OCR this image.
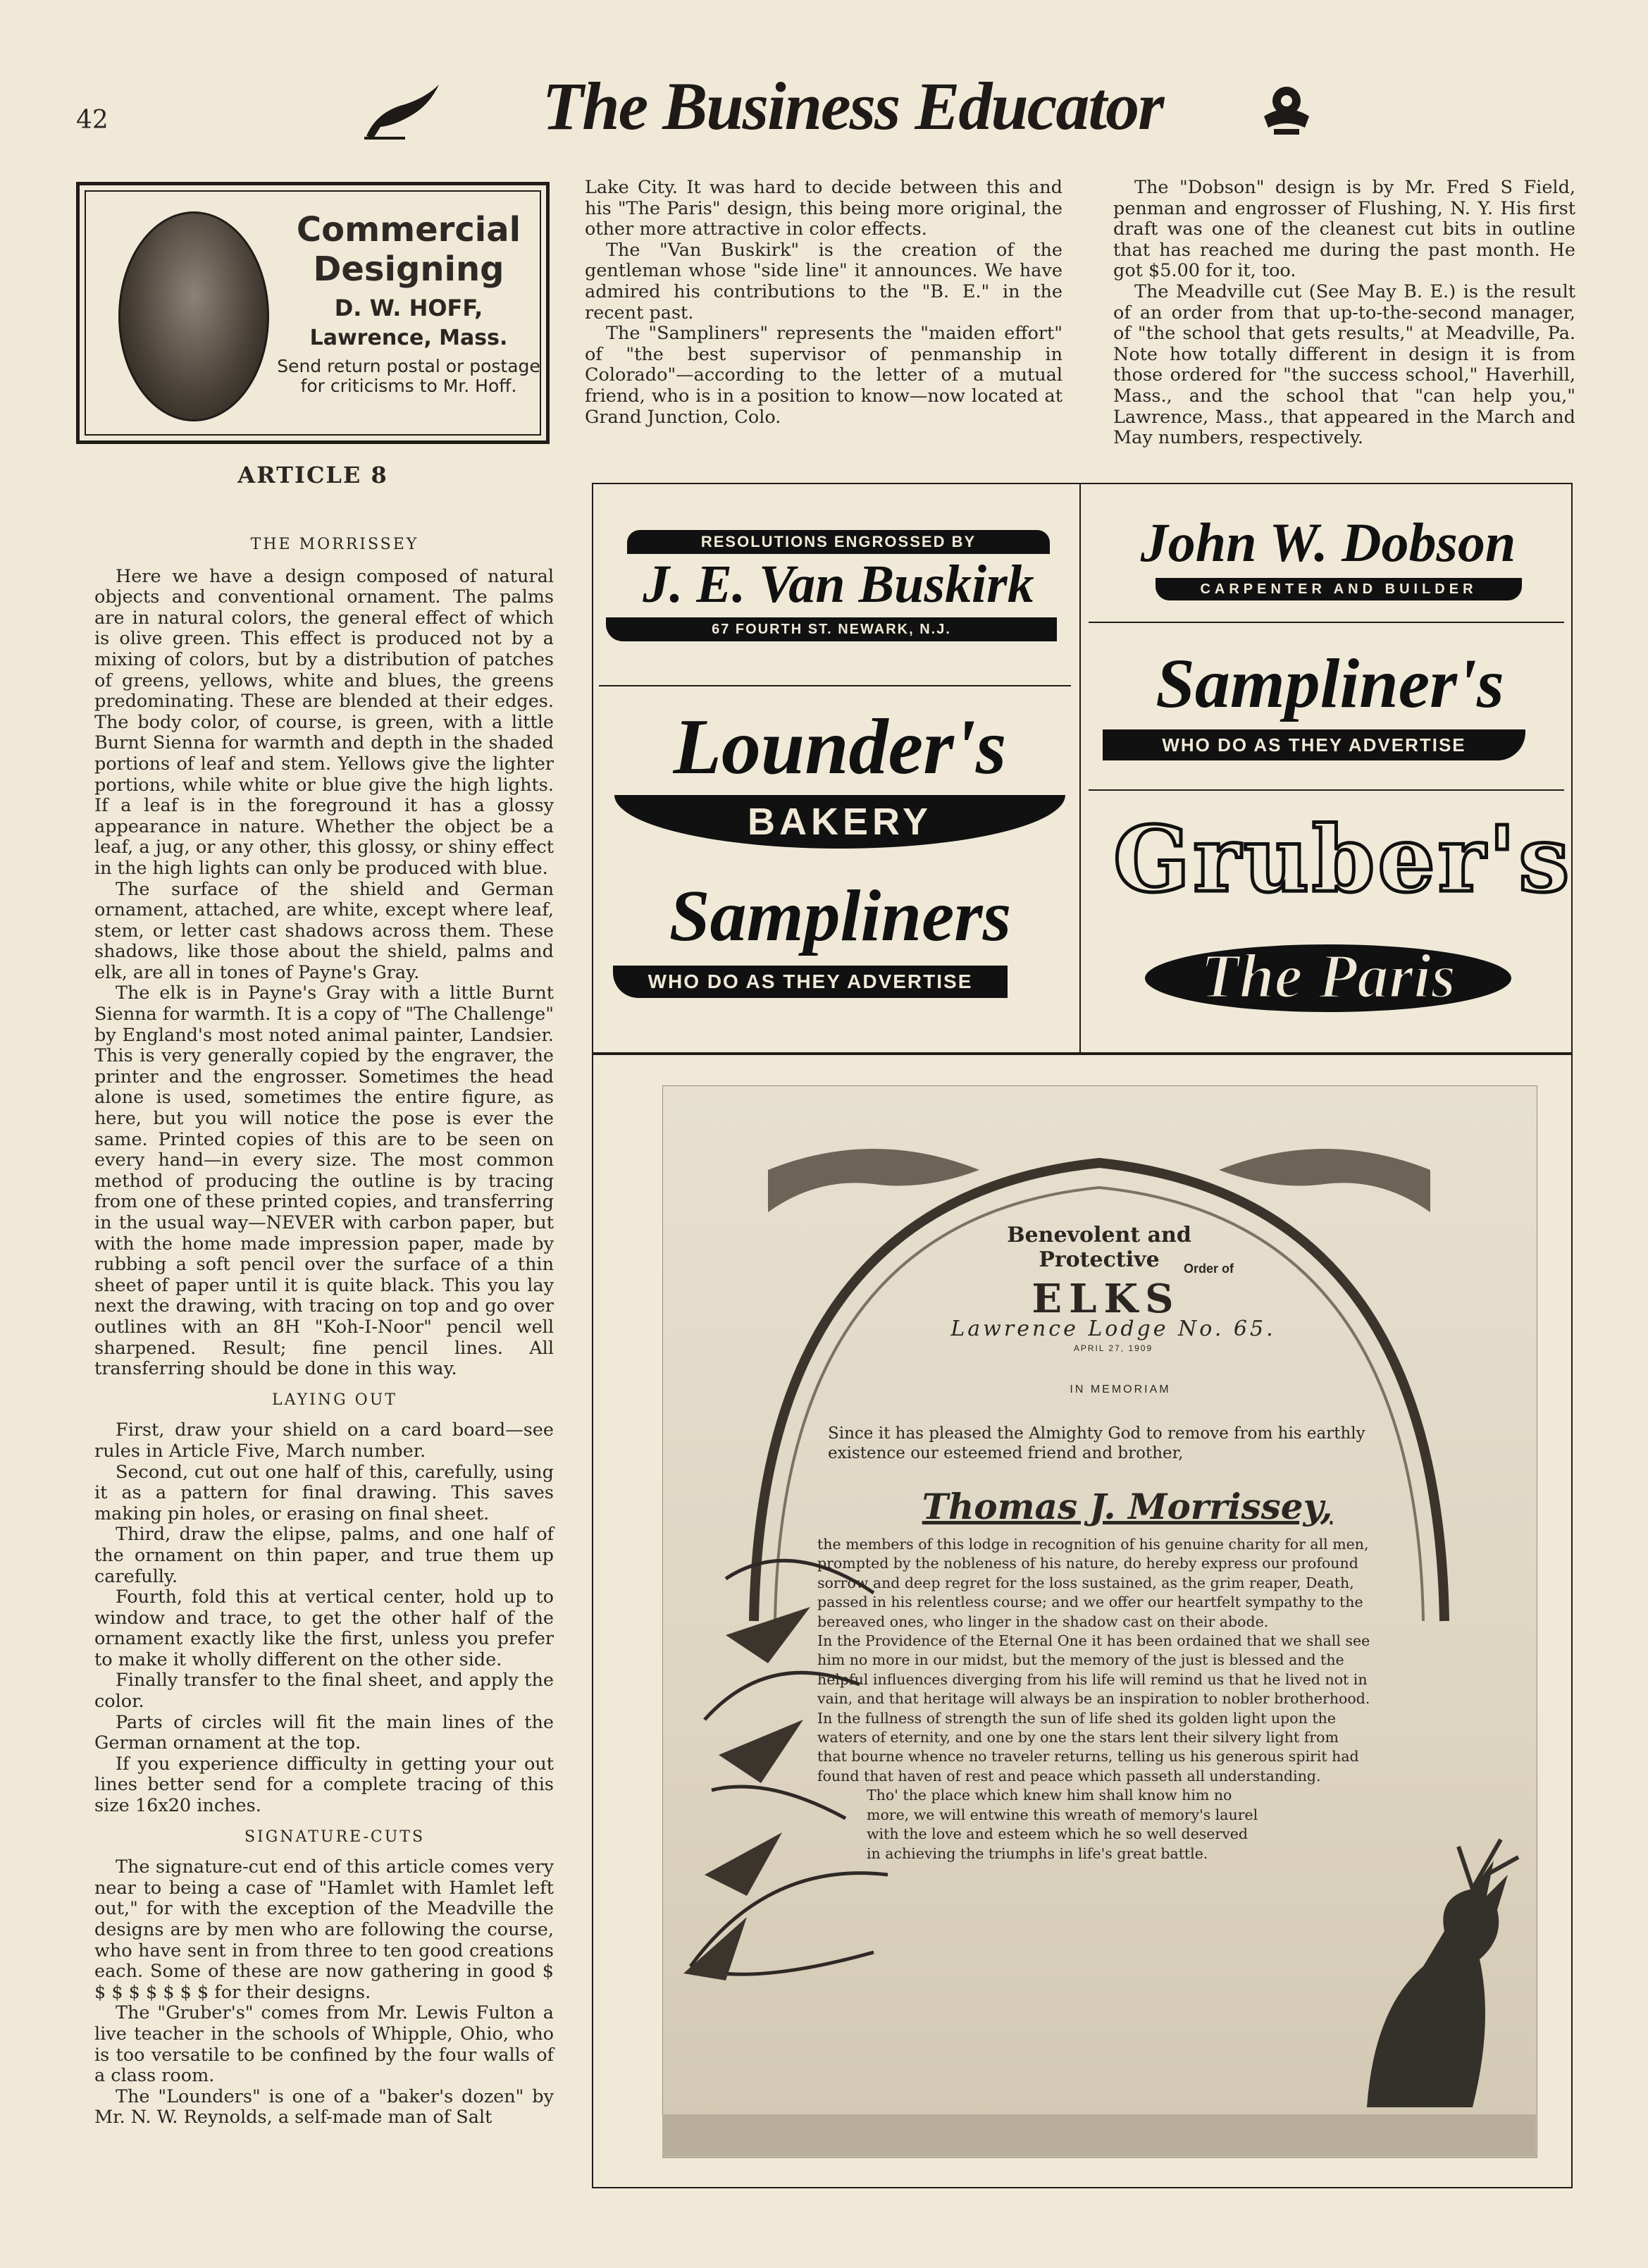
42	The Business Educator
Commercial
Designing
D. W. HOFF,
Lawrence, Mass.
Send return postal or postage for criticisms to Mr. Hoff.
ARTICLE 8

THE MORRISSEY

Here we have a design composed of natural objects and conventional ornament. The palms are in natural colors, the general effect of which is olive green. This effect is produced not by a mixing of colors, but by a distribution of patches of greens, yellows, white and blues, the greens predominating. These are blended at their edges. The body color, of course, is green, with a little Burnt Sienna for warmth and depth in the shaded portions of leaf and stem. Yellows give the lighter portions, while white or blue give the high lights. If a leaf is in the foreground it has a glossy appearance in nature. Whether the object be a leaf, a jug, or any other, this glossy, or shiny effect in the high lights can only be produced with blue.

The surface of the shield and German ornament, attached, are white, except where leaf, stem, or letter cast shadows across them. These shadows, like those about the shield, palms and elk, are all in tones of Payne's Gray.

The elk is in Payne's Gray with a little Burnt Sienna for warmth. It is a copy of "The Challenge" by England's most noted animal painter, Landsier. This is very generally copied by the engraver, the printer and the engrosser. Sometimes the head alone is used, sometimes the entire figure, as here, but you will notice the pose is ever the same. Printed copies of this are to be seen on every hand—in every size. The most common method of producing the outline is by tracing from one of these printed copies, and transferring in the usual way—NEVER with carbon paper, but with the home made impression paper, made by rubbing a soft pencil over the surface of a thin sheet of paper until it is quite black. This you lay next the drawing, with tracing on top and go over outlines with an 8H "Koh-I-Noor" pencil well sharpened. Result; fine pencil lines. All transferring should be done in this way.

LAYING OUT

First, draw your shield on a card board—see rules in Article Five, March number.

Second, cut out one half of this, carefully, using it as a pattern for final drawing. This saves making pin holes, or erasing on final sheet.

Third, draw the elipse, palms, and one half of the ornament on thin paper, and true them up carefully.

Fourth, fold this at vertical center, hold up to window and trace, to get the other half of the ornament exactly like the first, unless you prefer to make it wholly different on the other side.

Finally transfer to the final sheet, and apply the color.

Parts of circles will fit the main lines of the German ornament at the top.

If you experience difficulty in getting your out lines better send for a complete tracing of this size 16x20 inches.

SIGNATURE-CUTS

The signature-cut end of this article comes very near to being a case of "Hamlet with Hamlet left out," for with the exception of the Meadville the designs are by men who are following the course, who have sent in from three to ten good creations each. Some of these are now gathering in good $ $ $ $ $ $ $ $ for their designs.

The "Gruber's" comes from Mr. Lewis Fulton a live teacher in the schools of Whipple, Ohio, who is too versatile to be confined by the four walls of a class room.

The "Lounders" is one of a "baker's dozen" by Mr. N. W. Reynolds, a self-made man of Salt

Lake City. It was hard to decide between this and his "The Paris" design, this being more original, the other more attractive in color effects.

The "Van Buskirk" is the creation of the gentleman whose "side line" it announces. We have admired his contributions to the "B. E." in the recent past.

The "Sampliners" represents the "maiden effort" of "the best supervisor of penmanship in Colorado"—according to the letter of a mutual friend, who is in a position to know—now located at Grand Junction, Colo.

The "Dobson" design is by Mr. Fred S Field, penman and engrosser of Flushing, N. Y. His first draft was one of the cleanest cut bits in outline that has reached me during the past month. He got $5.00 for it, too.

The Meadville cut (See May B. E.) is the result of an order from that up-to-the-second manager, of "the school that gets results," at Meadville, Pa. Note how totally different in design it is from those ordered for "the success school," Haverhill, Mass., and the school that "can help you," Lawrence, Mass., that appeared in the March and May numbers, respectively.

RESOLUTIONS ENGROSSED BY
J. E. Van Buskirk
67 FOURTH ST. NEWARK, N.J.
John W. Dobson
CARPENTER AND BUILDER
Lounder's
BAKERY
Sampliner's
WHO DO AS THEY ADVERTISE
Sampliners
WHO DO AS THEY ADVERTISE
Gruber's
The Paris
Benevolent and Protective	Order of
ELKS
Lawrence Lodge No. 65.
APRIL 27, 1909
IN MEMORIAM
Since it has pleased the Almighty God to remove from his earthly existence our esteemed friend and brother,
Thomas J. Morrissey,
the members of this lodge in recognition of his genuine charity for all men, prompted by the nobleness of his nature, do hereby express our profound sorrow and deep regret for the loss sustained, as the grim reaper, Death, passed in his relentless course; and we offer our heartfelt sympathy to the bereaved ones, who linger in the shadow cast on their abode.
In the Providence of the Eternal One it has been ordained that we shall see him no more in our midst, but the memory of the just is blessed and the helpful influences diverging from his life will remind us that he lived not in vain, and that heritage will always be an inspiration to nobler brotherhood.
In the fullness of strength the sun of life shed its golden light upon the waters of eternity, and one by one the stars lent their silvery light from that bourne whence no traveler returns, telling us his generous spirit had found that haven of rest and peace which passeth all understanding.
Tho' the place which knew him shall know him no more, we will entwine this wreath of memory's laurel with the love and esteem which he so well deserved in achieving the triumphs in life's great battle.
